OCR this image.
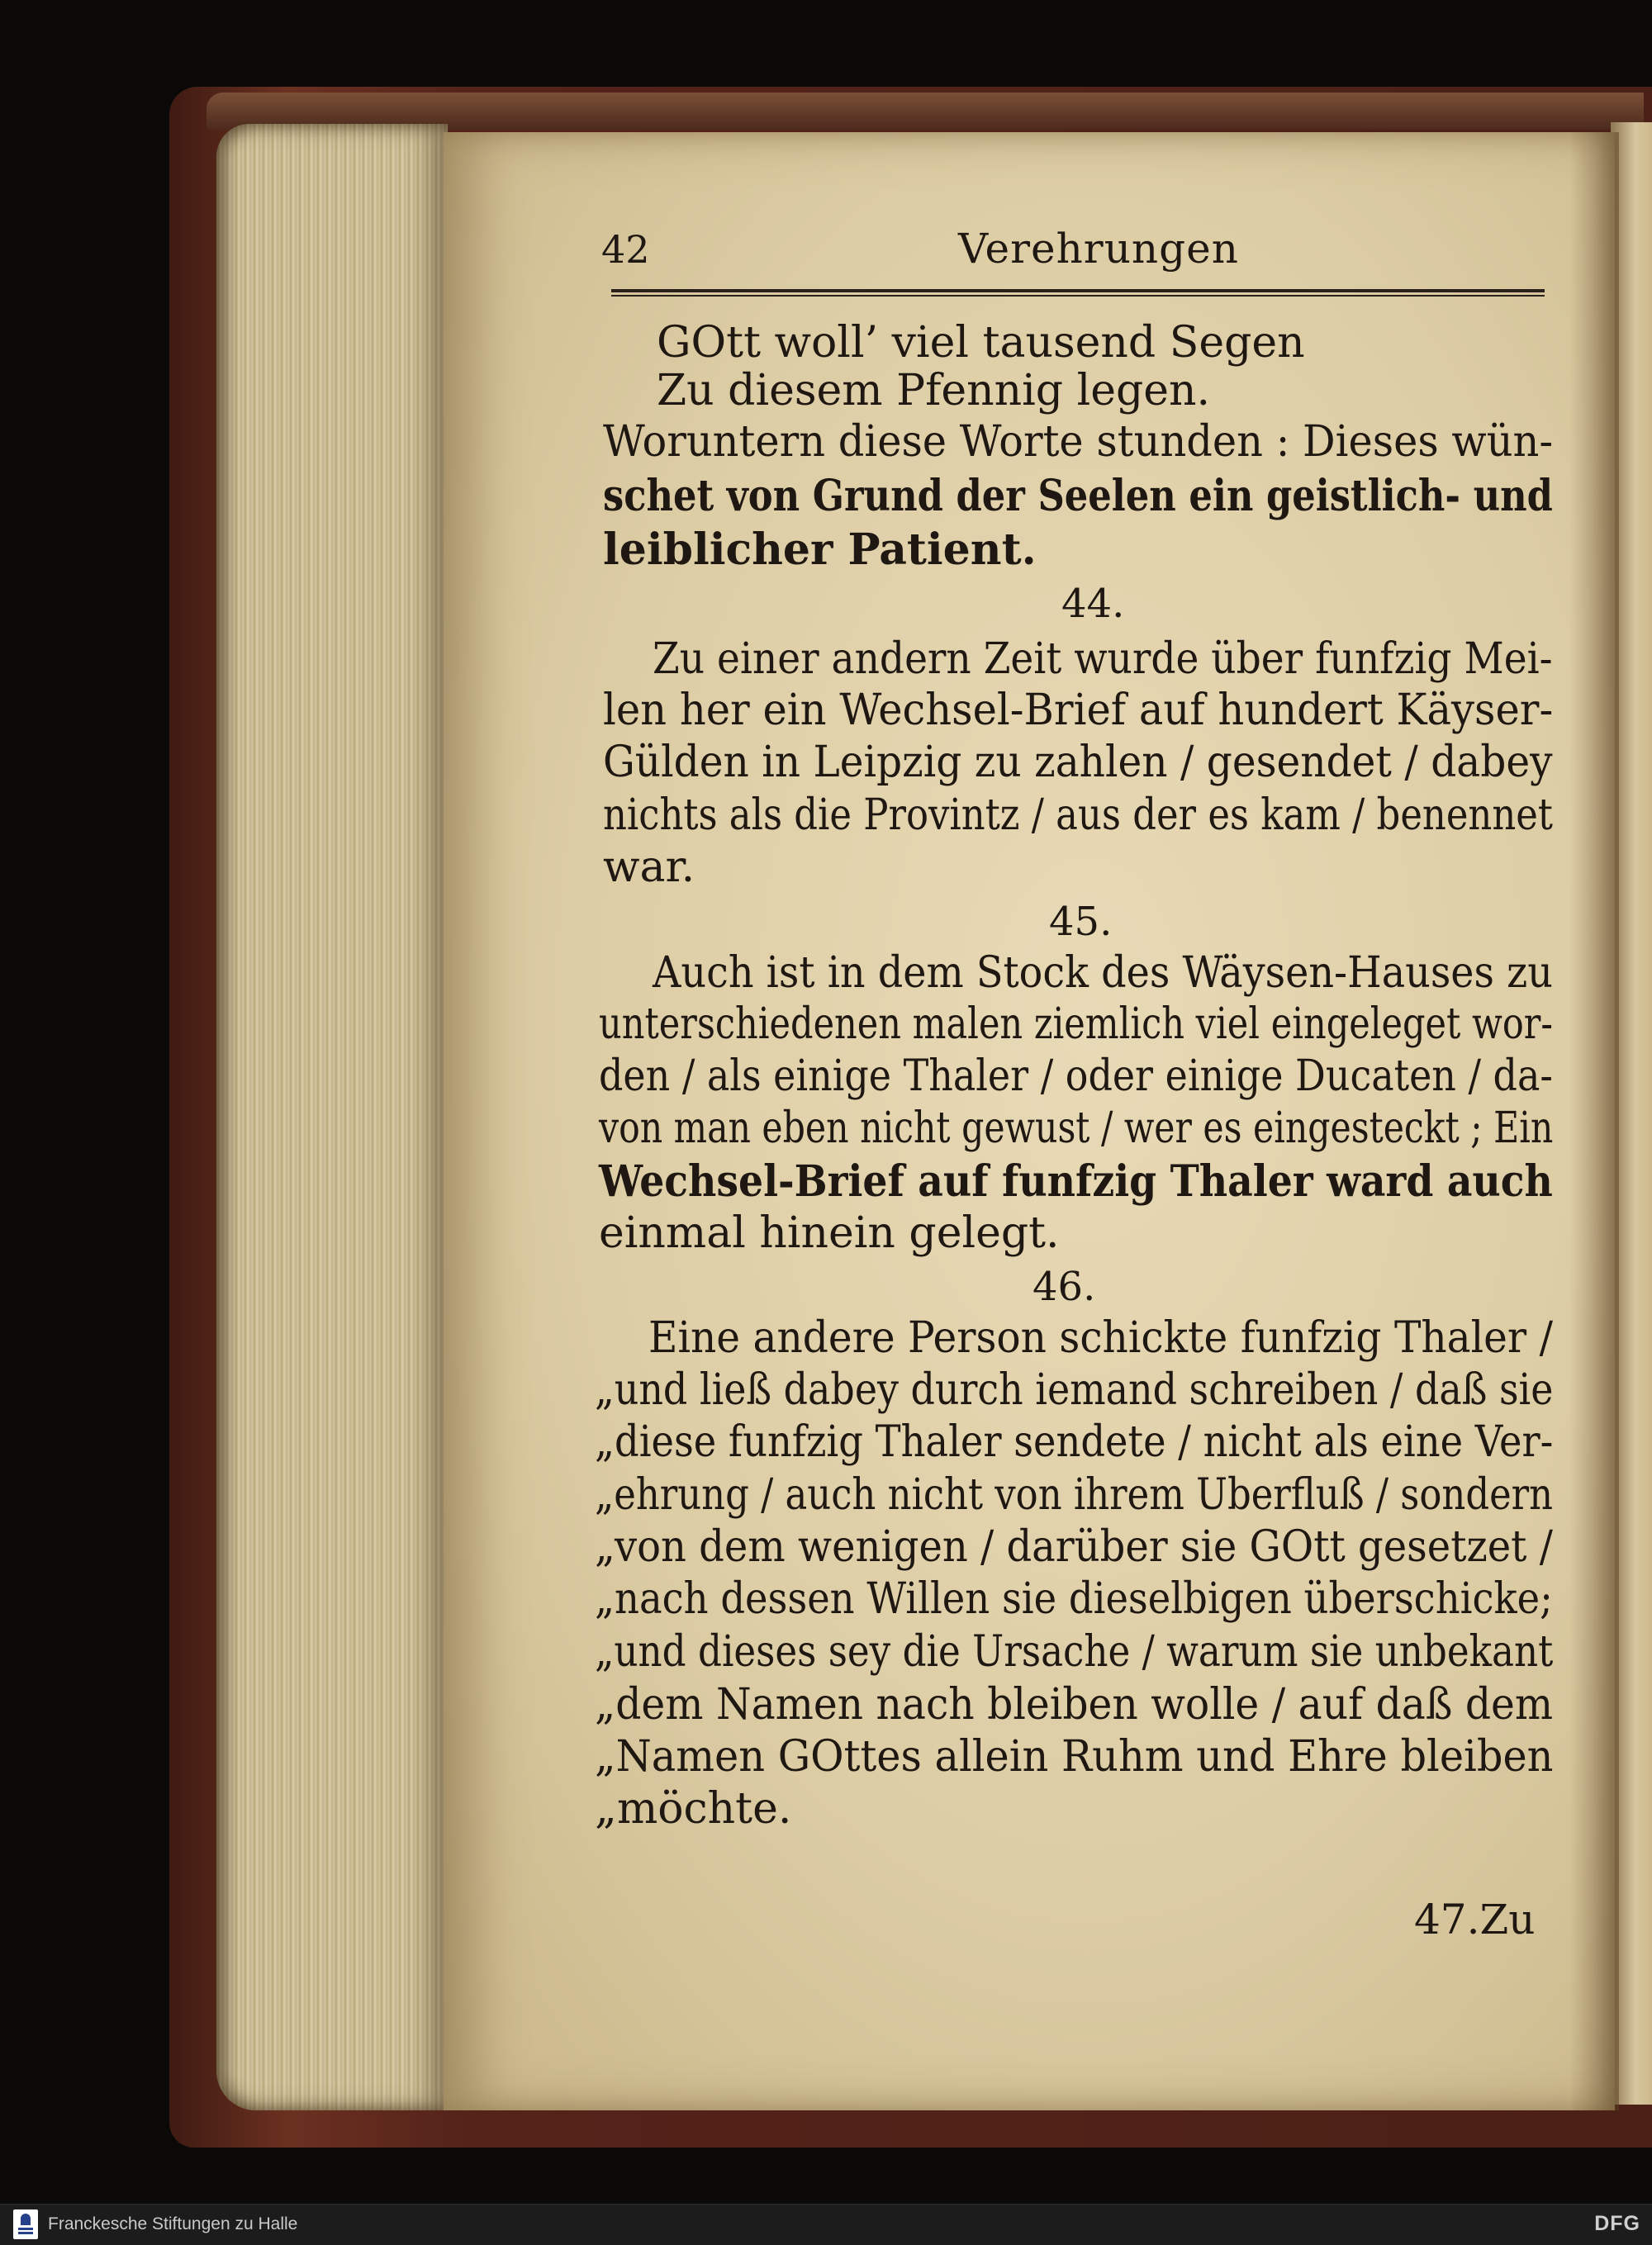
42	Verehrungen
GOtt woll’ viel tausend Segen
Zu diesem Pfennig legen.
Woruntern diese Worte stunden : Dieses wün-
schet von Grund der Seelen ein geistlich- und
leiblicher Patient.
44.
Zu einer andern Zeit wurde über funfzig Mei-
len her ein Wechsel-Brief auf hundert Käyser-
Gülden in Leipzig zu zahlen / gesendet / dabey
nichts als die Provintz / aus der es kam / benennet
war.
45.
Auch ist in dem Stock des Wäysen-Hauses zu
unterschiedenen malen ziemlich viel eingeleget wor-
den / als einige Thaler / oder einige Ducaten / da-
von man eben nicht gewust / wer es eingesteckt ; Ein
Wechsel-Brief auf funfzig Thaler ward auch
einmal hinein gelegt.
46.
Eine andere Person schickte funfzig Thaler /
„und ließ dabey durch iemand schreiben / daß sie
„diese funfzig Thaler sendete / nicht als eine Ver-
„ehrung / auch nicht von ihrem Uberfluß / sondern
„von dem wenigen / darüber sie GOtt gesetzet /
„nach dessen Willen sie dieselbigen überschicke;
„und dieses sey die Ursache / warum sie unbekant
„dem Namen nach bleiben wolle / auf daß dem
„Namen GOttes allein Ruhm und Ehre bleiben
„möchte.
47.Zu
Franckesche Stiftungen zu Halle	DFG
